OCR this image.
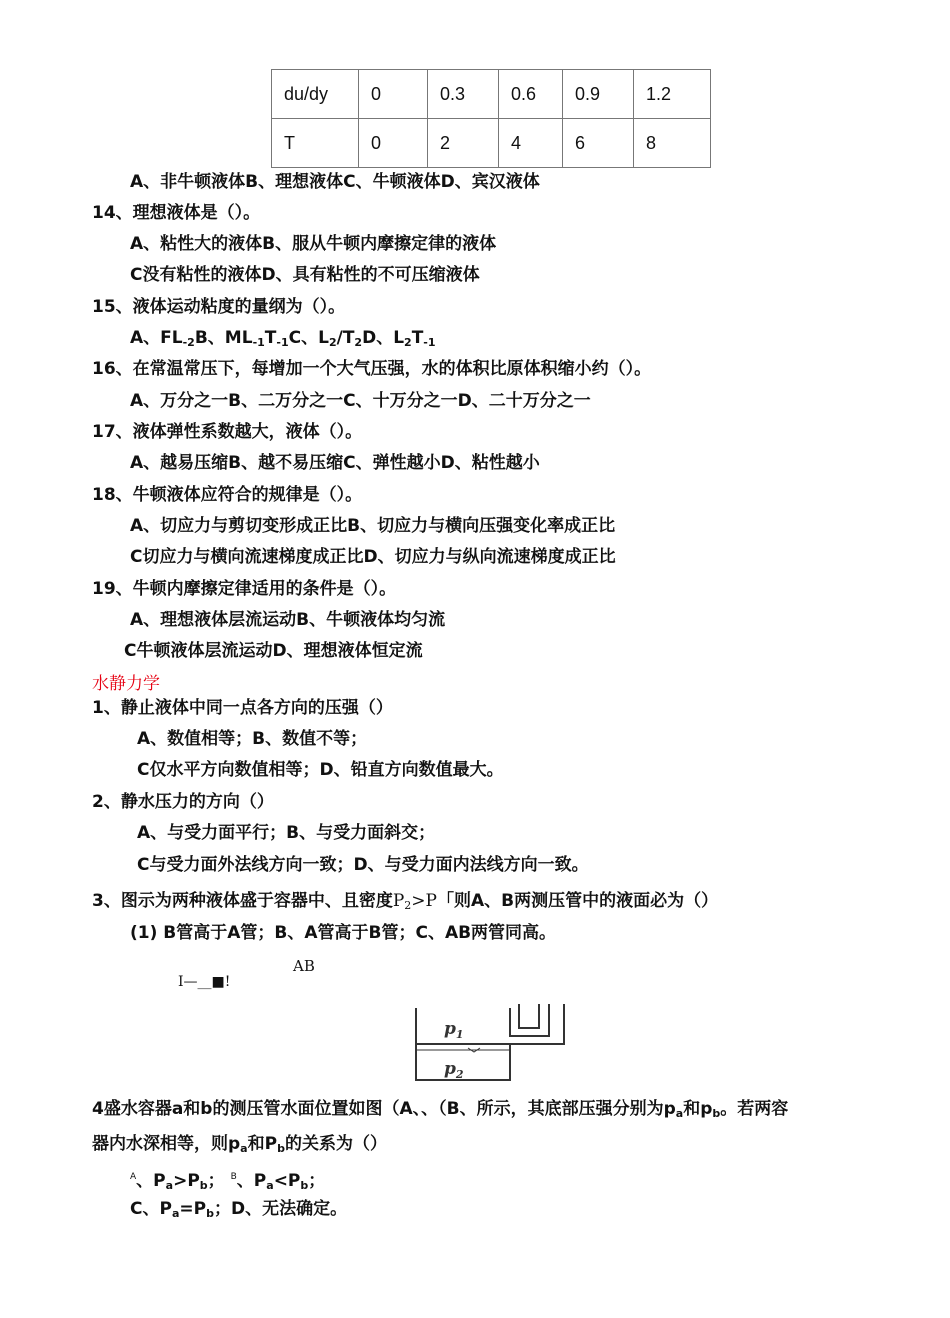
du/dy	0	0.3	0.6	0.9	1.2
T	0	2	4	6	8
A、非牛顿液体B、理想液体C、牛顿液体D、宾汉液体
14、理想液体是（）。
A、粘性大的液体B、服从牛顿内摩擦定律的液体
C没有粘性的液体D、具有粘性的不可压缩液体
15、液体运动粘度的量纲为（）。
A、$FL_{-2}B$、$ML_{-1}T_{-1}C$、$L_2/T_2D$、$L_2T_{-1}$
16、在常温常压下，每增加一个大气压强，水的体积比原体积缩小约（）。
A、万分之一B、二万分之一C、十万分之一D、二十万分之一
17、液体弹性系数越大，液体（）。
A、越易压缩B、越不易压缩C、弹性越小D、粘性越小
18、牛顿液体应符合的规律是（）。
A、切应力与剪切变形成正比B、切应力与横向压强变化率成正比
C切应力与横向流速梯度成正比D、切应力与纵向流速梯度成正比
19、牛顿内摩擦定律适用的条件是（）。
A、理想液体层流运动B、牛顿液体均匀流
C牛顿液体层流运动D、理想液体恒定流
水静力学
1、静止液体中同一点各方向的压强（）
A、数值相等；B、数值不等；
C仅水平方向数值相等；D、铅直方向数值最大。
2、静水压力的方向（）
A、与受力面平行；B、与受力面斜交；
C与受力面外法线方向一致；D、与受力面内法线方向一致。
3、图示为两种液体盛于容器中、且密度$P_2>P$「则A、B两测压管中的液面必为（）
(1) B管高于A管；B、A管高于B管；C、AB两管同高。
AB
I—__■!
$p_1$
$p_2$
4盛水容器a和b的测压管水面位置如图（A、、（B、所示，其底部压强分别为$p_a$和$p_b$。若两容
器内水深相等，则$p_a$和$P_b$的关系为（）
$^A$、$P_a>P_b$； $^B$、$P_a<P_b$；
C、$P_a=P_b$；D、无法确定。
